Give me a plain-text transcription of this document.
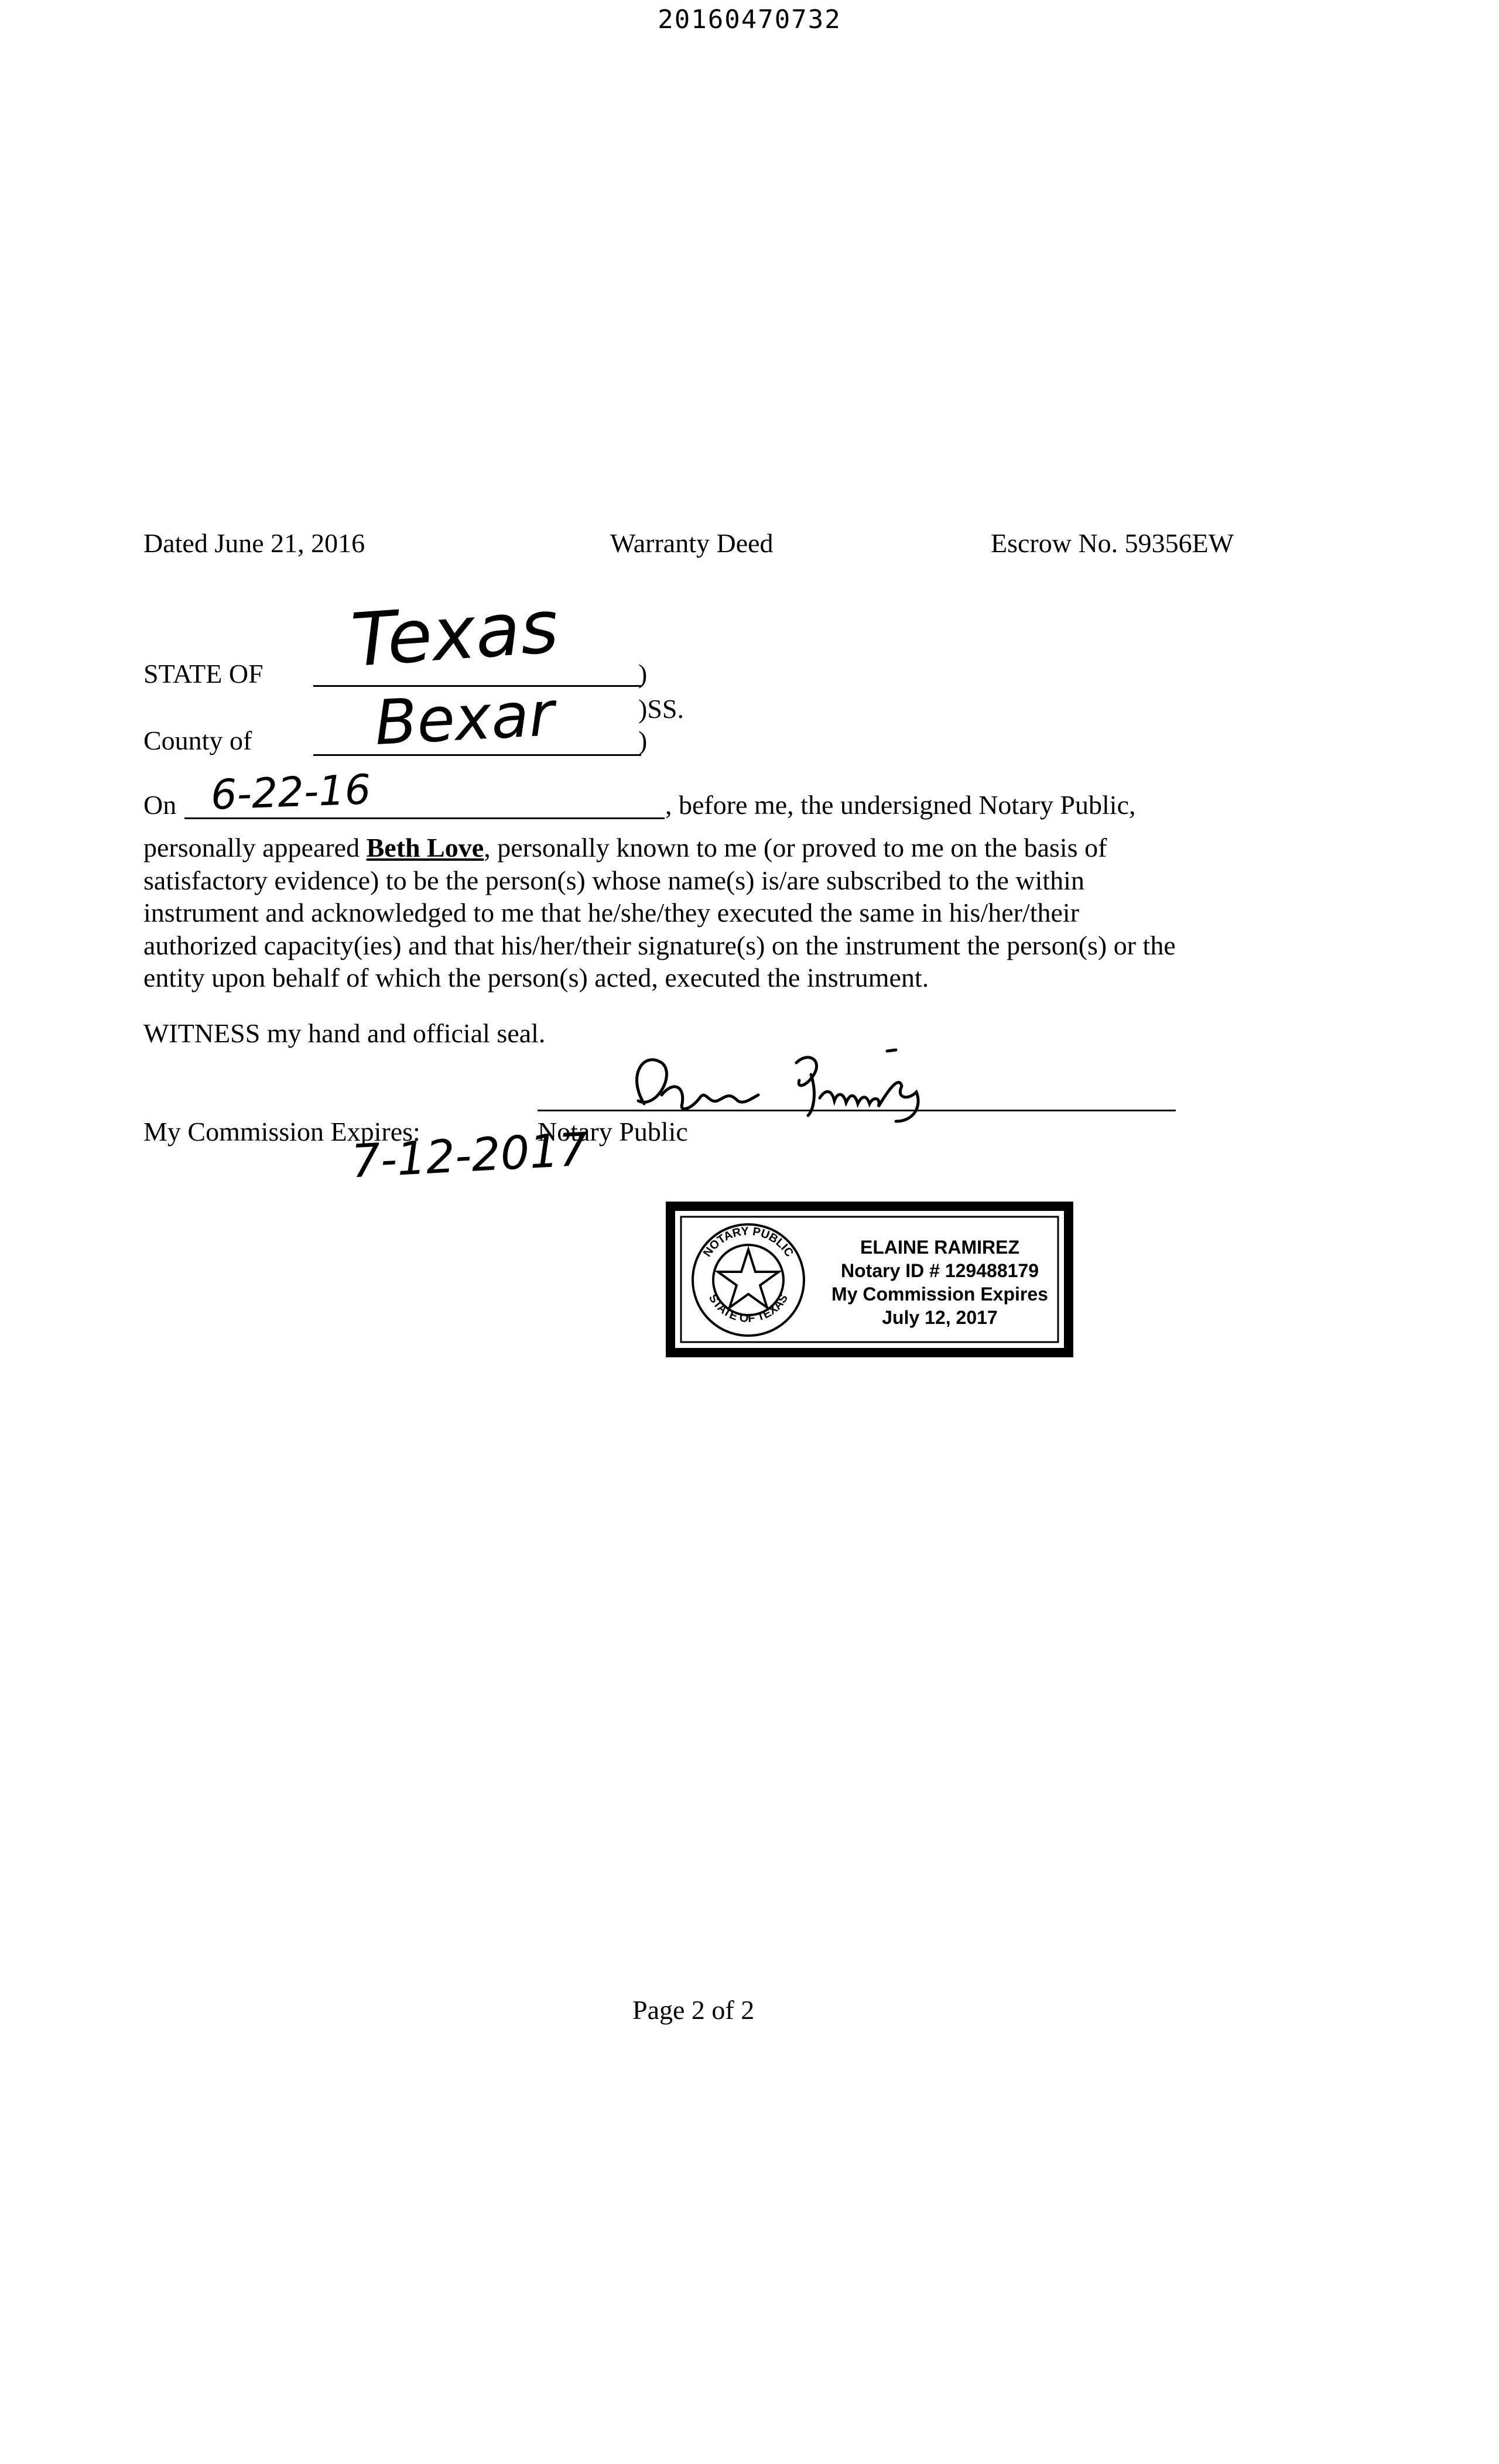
20160470732
Dated June 21, 2016	Warranty Deed	Escrow No. 59356EW
STATE OF Texas	)
)SS.
County of Bexar	)
On 6-22-16	, before me, the undersigned Notary Public,

personally appeared Beth Love, personally known to me (or proved to me on the basis of

satisfactory evidence) to be the person(s) whose name(s) is/are subscribed to the within

instrument and acknowledged to me that he/she/they executed the same in his/her/their

authorized capacity(ies) and that his/her/their signature(s) on the instrument the person(s) or the

entity upon behalf of which the person(s) acted, executed the instrument.

WITNESS my hand and official seal.
My Commission Expires:	Notary Public
7-12-2017
NOTARY PUBLIC
STATE OF TEXAS
ELAINE RAMIREZ
Notary ID # 129488179
My Commission Expires
July 12, 2017
Page 2 of 2
